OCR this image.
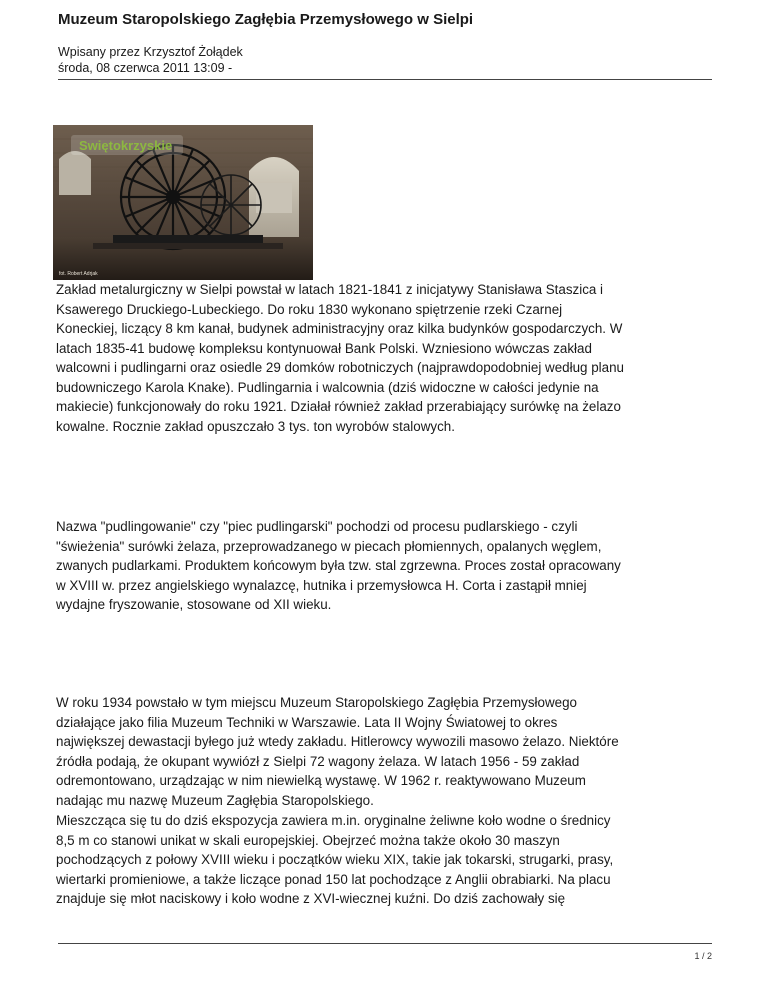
Muzeum Staropolskiego Zagłębia Przemysłowego w Sielpi
Wpisany przez Krzysztof Żołądek
środa, 08 czerwca 2011 13:09 -
Swiętokrzyskie
fot. Robert Adrjak
Zakład metalurgiczny w Sielpi powstał w latach 1821-1841 z inicjatywy Stanisława Staszica i
Ksawerego Druckiego-Lubeckiego. Do roku 1830 wykonano spiętrzenie rzeki Czarnej
Koneckiej, liczący 8 km kanał, budynek administracyjny oraz kilka budynków gospodarczych. W
latach 1835-41 budowę kompleksu kontynuował Bank Polski. Wzniesiono wówczas zakład
walcowni i pudlingarni oraz osiedle 29 domków robotniczych (najprawdopodobniej według planu
budowniczego Karola Knake). Pudlingarnia i walcownia (dziś widoczne w całości jedynie na
makiecie) funkcjonowały do roku 1921. Działał również zakład przerabiający surówkę na żelazo
kowalne. Rocznie zakład opuszczało 3 tys. ton wyrobów stalowych.
Nazwa "pudlingowanie" czy "piec pudlingarski" pochodzi od procesu pudlarskiego - czyli
"świeżenia" surówki żelaza, przeprowadzanego w piecach płomiennych, opalanych węglem,
zwanych pudlarkami. Produktem końcowym była tzw. stal zgrzewna. Proces został opracowany
w XVIII w. przez angielskiego wynalazcę, hutnika i przemysłowca H. Corta i zastąpił mniej
wydajne fryszowanie, stosowane od XII wieku.
W roku 1934 powstało w tym miejscu Muzeum Staropolskiego Zagłębia Przemysłowego
działające jako filia Muzeum Techniki w Warszawie. Lata II Wojny Światowej to okres
największej dewastacji byłego już wtedy zakładu. Hitlerowcy wywozili masowo żelazo. Niektóre
źródła podają, że okupant wywiózł z Sielpi 72 wagony żelaza. W latach 1956 - 59 zakład
odremontowano, urządzając w nim niewielką wystawę. W 1962 r. reaktywowano Muzeum
nadając mu nazwę Muzeum Zagłębia Staropolskiego.
Mieszcząca się tu do dziś ekspozycja zawiera m.in. oryginalne żeliwne koło wodne o średnicy
8,5 m co stanowi unikat w skali europejskiej. Obejrzeć można także około 30 maszyn
pochodzących z połowy XVIII wieku i początków wieku XIX, takie jak tokarski, strugarki, prasy,
wiertarki promieniowe, a także liczące ponad 150 lat pochodzące z Anglii obrabiarki. Na placu
znajduje się młot naciskowy i koło wodne z XVI-wiecznej kuźni. Do dziś zachowały się
1 / 2
